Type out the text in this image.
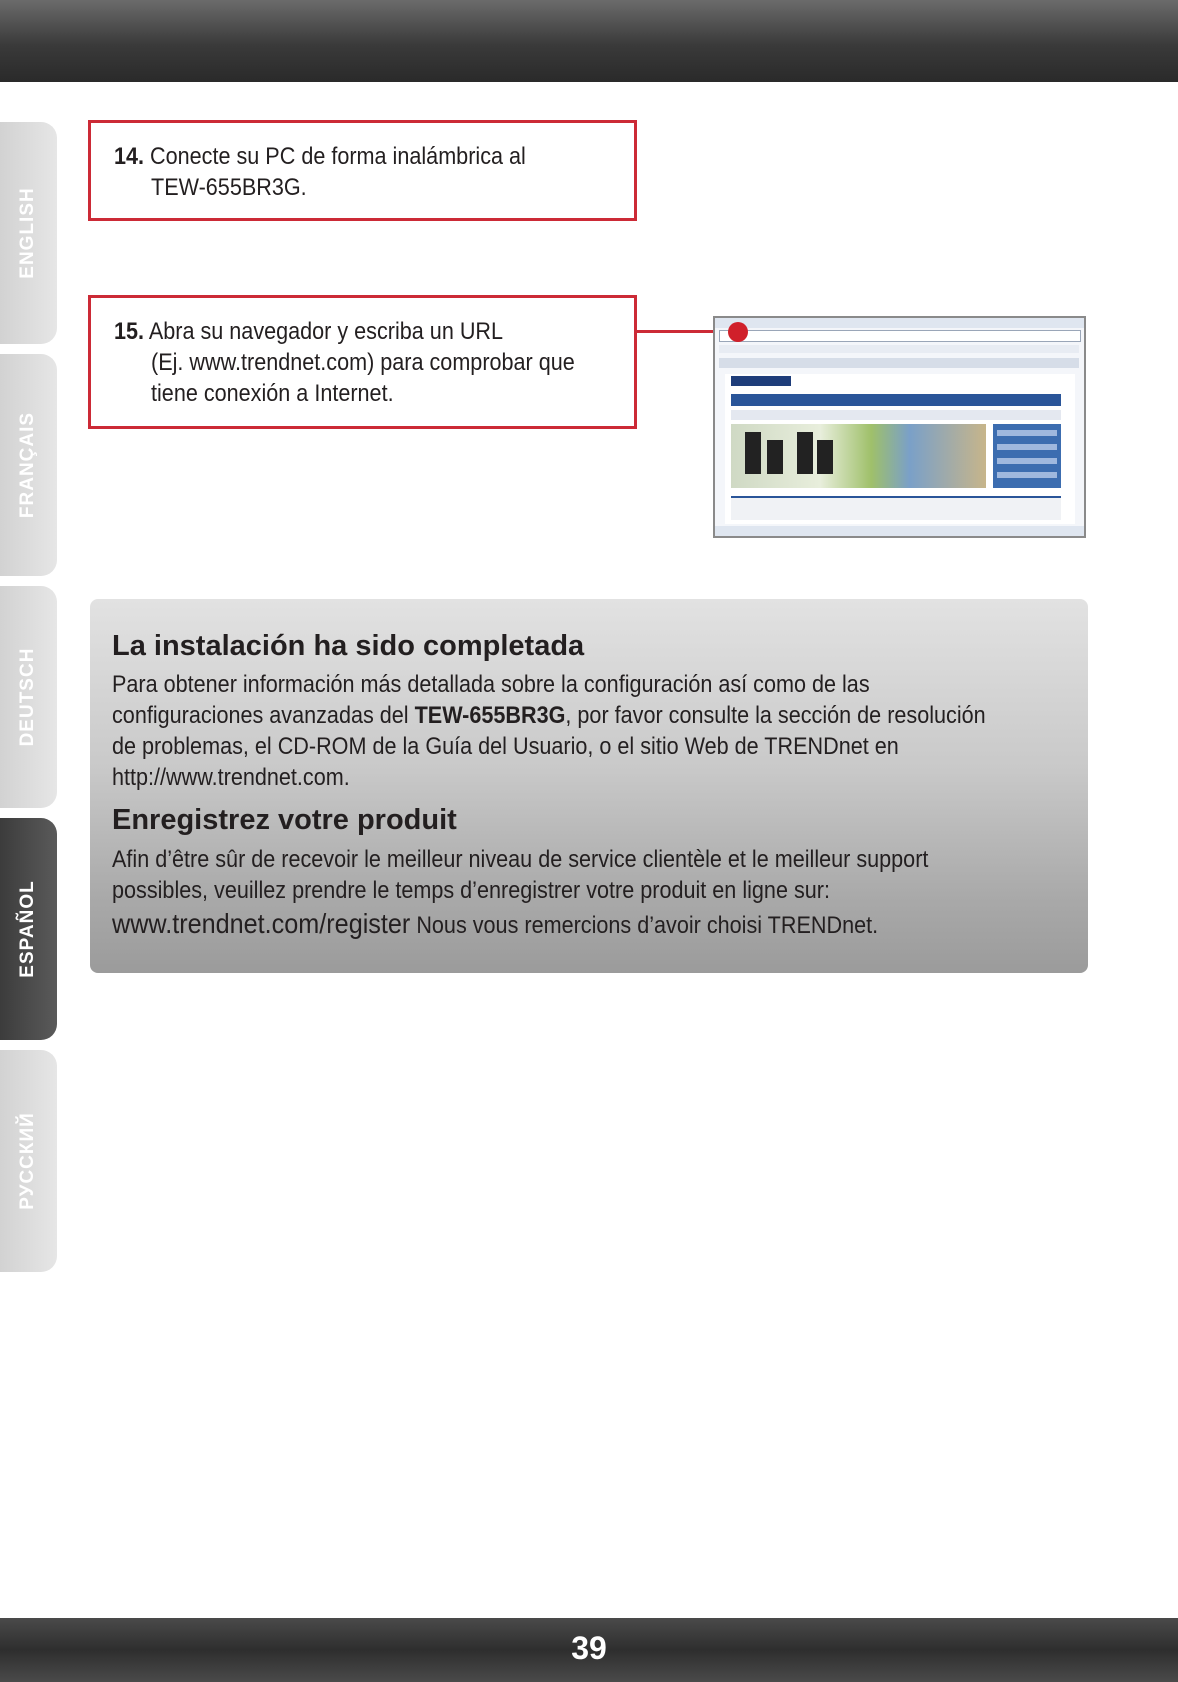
ENGLISH
FRANÇAIS
DEUTSCH
ESPAÑOL
РУССКИЙ
14. Conecte su PC de forma inalámbrica al
TEW-655BR3G.
15. Abra su navegador y escriba un URL
(Ej. www.trendnet.com) para comprobar que
tiene conexión a Internet.
La instalación ha sido completada
Para obtener información más detallada sobre la configuración así como de las
configuraciones avanzadas del TEW-655BR3G, por favor consulte la sección de resolución
de problemas, el CD-ROM de la Guía del Usuario, o el sitio Web de TRENDnet en
http://www.trendnet.com.
Enregistrez votre produit
Afin d’être sûr de recevoir le meilleur niveau de service clientèle et le meilleur support
possibles, veuillez prendre le temps d’enregistrer votre produit en ligne sur:
www.trendnet.com/register Nous vous remercions d’avoir choisi TRENDnet.
39
